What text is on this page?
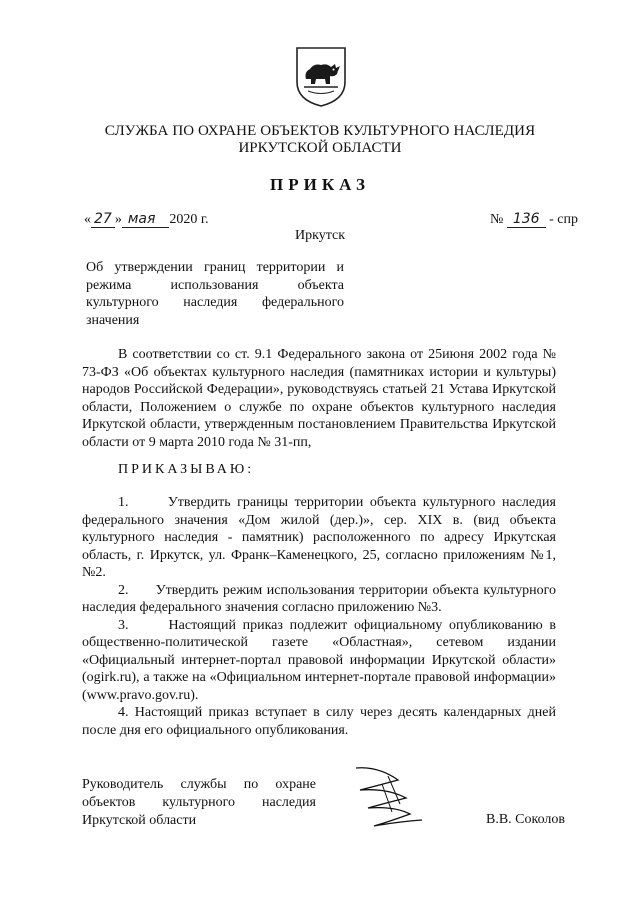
СЛУЖБА ПО ОХРАНЕ ОБЪЕКТОВ КУЛЬТУРНОГО НАСЛЕДИЯ
ИРКУТСКОЙ ОБЛАСТИ
ПРИКАЗ
« 27 » мая 2020 г.	№ 136 - спр
Иркутск
Об утверждении границ территории и режима использования объекта культурного наследия федерального значения
В соответствии со ст. 9.1 Федерального закона от 25июня 2002 года № 73-ФЗ «Об объектах культурного наследия (памятниках истории и культуры) народов Российской Федерации», руководствуясь статьей 21 Устава Иркутской области, Положением о службе по охране объектов культурного наследия Иркутской области, утвержденным постановлением Правительства Иркутской области от 9 марта 2010 года № 31-пп,
ПРИКАЗЫВАЮ:

1.      Утвердить границы территории объекта культурного наследия федерального значения «Дом жилой (дер.)», сер. XIX в. (вид объекта культурного наследия - памятник) расположенного по адресу Иркутская область, г. Иркутск, ул. Франк–Каменецкого, 25, согласно приложениям №1, №2.

2.      Утвердить режим использования территории объекта культурного наследия федерального значения согласно приложению №3.

3.      Настоящий приказ подлежит официальному опубликованию в общественно-политической газете «Областная», сетевом издании «Официальный интернет-портал правовой информации Иркутской области» (ogirk.ru), а также на «Официальном интернет-портале правовой информации» (www.pravo.gov.ru).

4. Настоящий приказ вступает в силу через десять календарных дней после дня его официального опубликования.

Руководитель службы по охране объектов культурного наследия Иркутской области	В.В. Соколов
